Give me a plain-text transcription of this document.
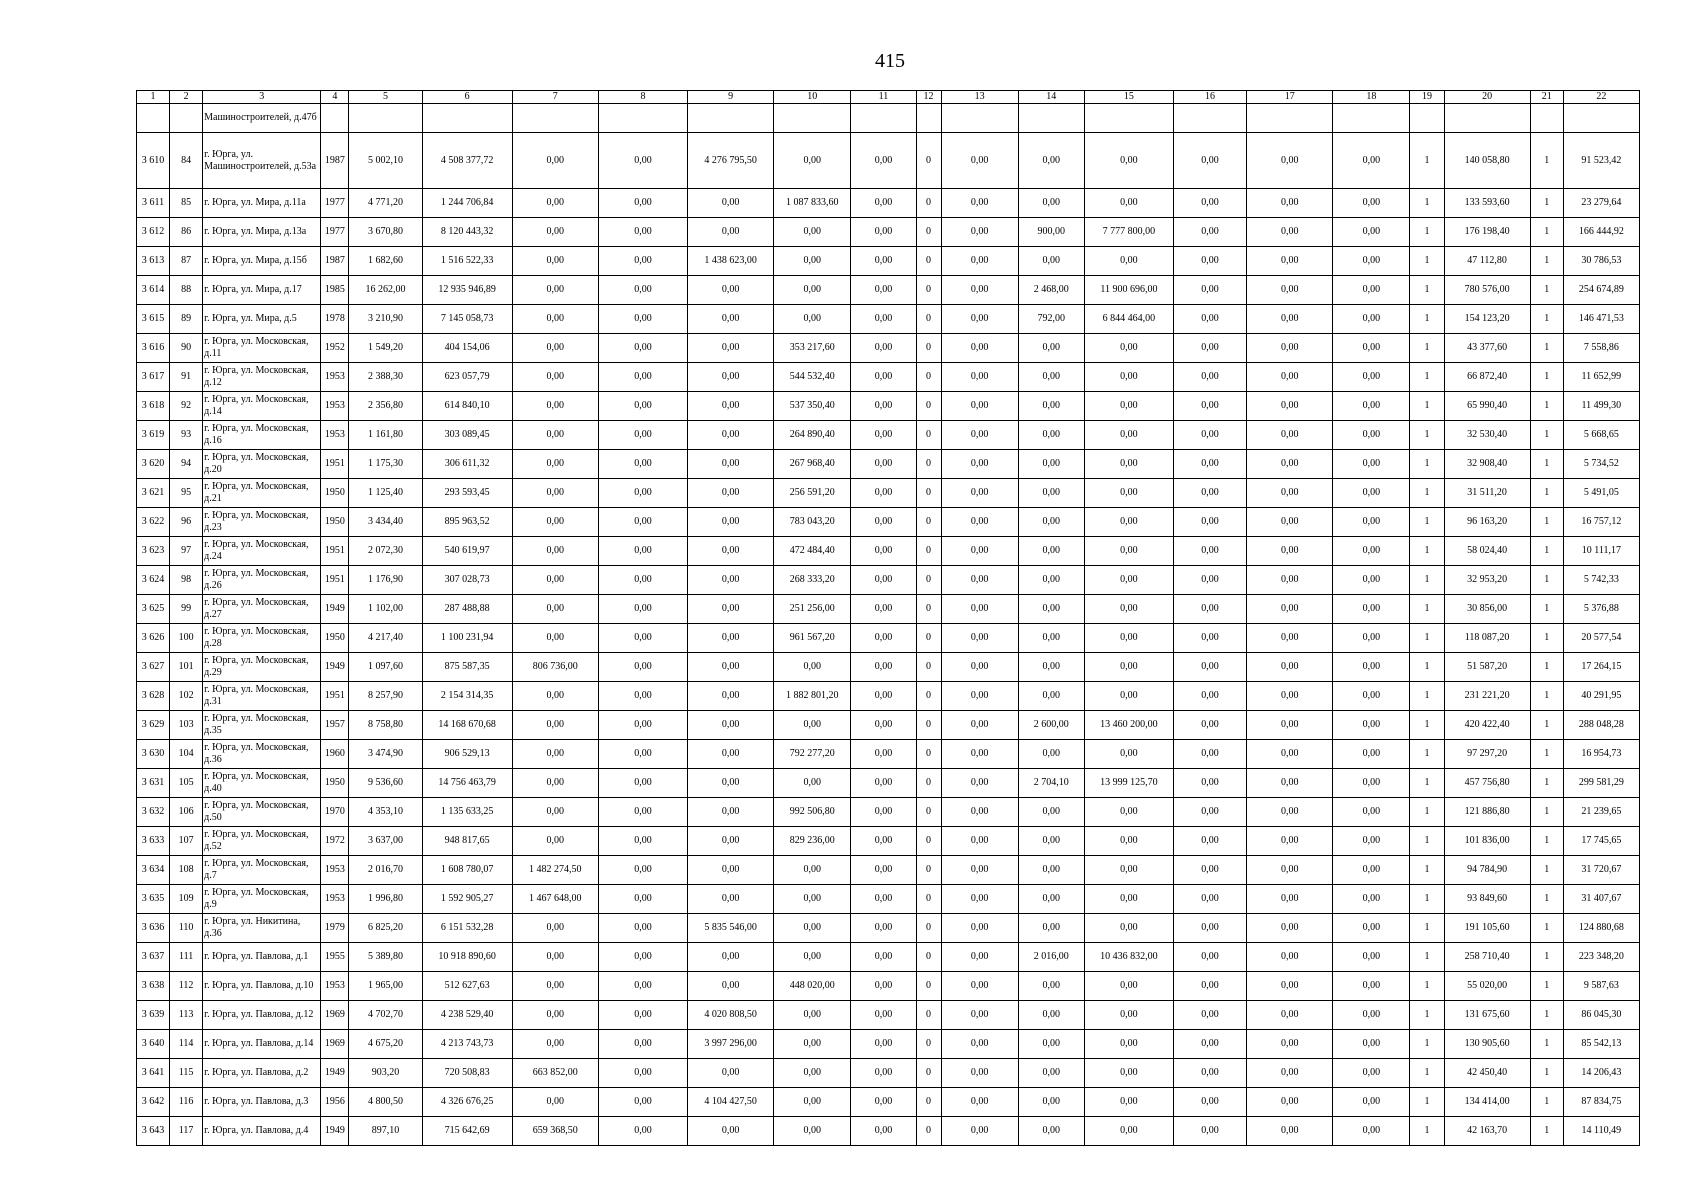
415
1	2	3	4	5	6	7	8	9	10	11	12	13	14	15	16	17	18	19	20	21	22
		Машиностроителей, д.47б																			
3 610	84	г. Юрга, ул. Машиностроителей, д.53а	1987	5 002,10	4 508 377,72	0,00	0,00	4 276 795,50	0,00	0,00	0	0,00	0,00	0,00	0,00	0,00	0,00	1	140 058,80	1	91 523,42
3 611	85	г. Юрга, ул. Мира, д.11а	1977	4 771,20	1 244 706,84	0,00	0,00	0,00	1 087 833,60	0,00	0	0,00	0,00	0,00	0,00	0,00	0,00	1	133 593,60	1	23 279,64
3 612	86	г. Юрга, ул. Мира, д.13а	1977	3 670,80	8 120 443,32	0,00	0,00	0,00	0,00	0,00	0	0,00	900,00	7 777 800,00	0,00	0,00	0,00	1	176 198,40	1	166 444,92
3 613	87	г. Юрга, ул. Мира, д.15б	1987	1 682,60	1 516 522,33	0,00	0,00	1 438 623,00	0,00	0,00	0	0,00	0,00	0,00	0,00	0,00	0,00	1	47 112,80	1	30 786,53
3 614	88	г. Юрга, ул. Мира, д.17	1985	16 262,00	12 935 946,89	0,00	0,00	0,00	0,00	0,00	0	0,00	2 468,00	11 900 696,00	0,00	0,00	0,00	1	780 576,00	1	254 674,89
3 615	89	г. Юрга, ул. Мира, д.5	1978	3 210,90	7 145 058,73	0,00	0,00	0,00	0,00	0,00	0	0,00	792,00	6 844 464,00	0,00	0,00	0,00	1	154 123,20	1	146 471,53
3 616	90	г. Юрга, ул. Московская, д.11	1952	1 549,20	404 154,06	0,00	0,00	0,00	353 217,60	0,00	0	0,00	0,00	0,00	0,00	0,00	0,00	1	43 377,60	1	7 558,86
3 617	91	г. Юрга, ул. Московская, д.12	1953	2 388,30	623 057,79	0,00	0,00	0,00	544 532,40	0,00	0	0,00	0,00	0,00	0,00	0,00	0,00	1	66 872,40	1	11 652,99
3 618	92	г. Юрга, ул. Московская, д.14	1953	2 356,80	614 840,10	0,00	0,00	0,00	537 350,40	0,00	0	0,00	0,00	0,00	0,00	0,00	0,00	1	65 990,40	1	11 499,30
3 619	93	г. Юрга, ул. Московская, д.16	1953	1 161,80	303 089,45	0,00	0,00	0,00	264 890,40	0,00	0	0,00	0,00	0,00	0,00	0,00	0,00	1	32 530,40	1	5 668,65
3 620	94	г. Юрга, ул. Московская, д.20	1951	1 175,30	306 611,32	0,00	0,00	0,00	267 968,40	0,00	0	0,00	0,00	0,00	0,00	0,00	0,00	1	32 908,40	1	5 734,52
3 621	95	г. Юрга, ул. Московская, д.21	1950	1 125,40	293 593,45	0,00	0,00	0,00	256 591,20	0,00	0	0,00	0,00	0,00	0,00	0,00	0,00	1	31 511,20	1	5 491,05
3 622	96	г. Юрга, ул. Московская, д.23	1950	3 434,40	895 963,52	0,00	0,00	0,00	783 043,20	0,00	0	0,00	0,00	0,00	0,00	0,00	0,00	1	96 163,20	1	16 757,12
3 623	97	г. Юрга, ул. Московская, д.24	1951	2 072,30	540 619,97	0,00	0,00	0,00	472 484,40	0,00	0	0,00	0,00	0,00	0,00	0,00	0,00	1	58 024,40	1	10 111,17
3 624	98	г. Юрга, ул. Московская, д.26	1951	1 176,90	307 028,73	0,00	0,00	0,00	268 333,20	0,00	0	0,00	0,00	0,00	0,00	0,00	0,00	1	32 953,20	1	5 742,33
3 625	99	г. Юрга, ул. Московская, д.27	1949	1 102,00	287 488,88	0,00	0,00	0,00	251 256,00	0,00	0	0,00	0,00	0,00	0,00	0,00	0,00	1	30 856,00	1	5 376,88
3 626	100	г. Юрга, ул. Московская, д.28	1950	4 217,40	1 100 231,94	0,00	0,00	0,00	961 567,20	0,00	0	0,00	0,00	0,00	0,00	0,00	0,00	1	118 087,20	1	20 577,54
3 627	101	г. Юрга, ул. Московская, д.29	1949	1 097,60	875 587,35	806 736,00	0,00	0,00	0,00	0,00	0	0,00	0,00	0,00	0,00	0,00	0,00	1	51 587,20	1	17 264,15
3 628	102	г. Юрга, ул. Московская, д.31	1951	8 257,90	2 154 314,35	0,00	0,00	0,00	1 882 801,20	0,00	0	0,00	0,00	0,00	0,00	0,00	0,00	1	231 221,20	1	40 291,95
3 629	103	г. Юрга, ул. Московская, д.35	1957	8 758,80	14 168 670,68	0,00	0,00	0,00	0,00	0,00	0	0,00	2 600,00	13 460 200,00	0,00	0,00	0,00	1	420 422,40	1	288 048,28
3 630	104	г. Юрга, ул. Московская, д.36	1960	3 474,90	906 529,13	0,00	0,00	0,00	792 277,20	0,00	0	0,00	0,00	0,00	0,00	0,00	0,00	1	97 297,20	1	16 954,73
3 631	105	г. Юрга, ул. Московская, д.40	1950	9 536,60	14 756 463,79	0,00	0,00	0,00	0,00	0,00	0	0,00	2 704,10	13 999 125,70	0,00	0,00	0,00	1	457 756,80	1	299 581,29
3 632	106	г. Юрга, ул. Московская, д.50	1970	4 353,10	1 135 633,25	0,00	0,00	0,00	992 506,80	0,00	0	0,00	0,00	0,00	0,00	0,00	0,00	1	121 886,80	1	21 239,65
3 633	107	г. Юрга, ул. Московская, д.52	1972	3 637,00	948 817,65	0,00	0,00	0,00	829 236,00	0,00	0	0,00	0,00	0,00	0,00	0,00	0,00	1	101 836,00	1	17 745,65
3 634	108	г. Юрга, ул. Московская, д.7	1953	2 016,70	1 608 780,07	1 482 274,50	0,00	0,00	0,00	0,00	0	0,00	0,00	0,00	0,00	0,00	0,00	1	94 784,90	1	31 720,67
3 635	109	г. Юрга, ул. Московская, д.9	1953	1 996,80	1 592 905,27	1 467 648,00	0,00	0,00	0,00	0,00	0	0,00	0,00	0,00	0,00	0,00	0,00	1	93 849,60	1	31 407,67
3 636	110	г. Юрга, ул. Никитина, д.36	1979	6 825,20	6 151 532,28	0,00	0,00	5 835 546,00	0,00	0,00	0	0,00	0,00	0,00	0,00	0,00	0,00	1	191 105,60	1	124 880,68
3 637	111	г. Юрга, ул. Павлова, д.1	1955	5 389,80	10 918 890,60	0,00	0,00	0,00	0,00	0,00	0	0,00	2 016,00	10 436 832,00	0,00	0,00	0,00	1	258 710,40	1	223 348,20
3 638	112	г. Юрга, ул. Павлова, д.10	1953	1 965,00	512 627,63	0,00	0,00	0,00	448 020,00	0,00	0	0,00	0,00	0,00	0,00	0,00	0,00	1	55 020,00	1	9 587,63
3 639	113	г. Юрга, ул. Павлова, д.12	1969	4 702,70	4 238 529,40	0,00	0,00	4 020 808,50	0,00	0,00	0	0,00	0,00	0,00	0,00	0,00	0,00	1	131 675,60	1	86 045,30
3 640	114	г. Юрга, ул. Павлова, д.14	1969	4 675,20	4 213 743,73	0,00	0,00	3 997 296,00	0,00	0,00	0	0,00	0,00	0,00	0,00	0,00	0,00	1	130 905,60	1	85 542,13
3 641	115	г. Юрга, ул. Павлова, д.2	1949	903,20	720 508,83	663 852,00	0,00	0,00	0,00	0,00	0	0,00	0,00	0,00	0,00	0,00	0,00	1	42 450,40	1	14 206,43
3 642	116	г. Юрга, ул. Павлова, д.3	1956	4 800,50	4 326 676,25	0,00	0,00	4 104 427,50	0,00	0,00	0	0,00	0,00	0,00	0,00	0,00	0,00	1	134 414,00	1	87 834,75
3 643	117	г. Юрга, ул. Павлова, д.4	1949	897,10	715 642,69	659 368,50	0,00	0,00	0,00	0,00	0	0,00	0,00	0,00	0,00	0,00	0,00	1	42 163,70	1	14 110,49
